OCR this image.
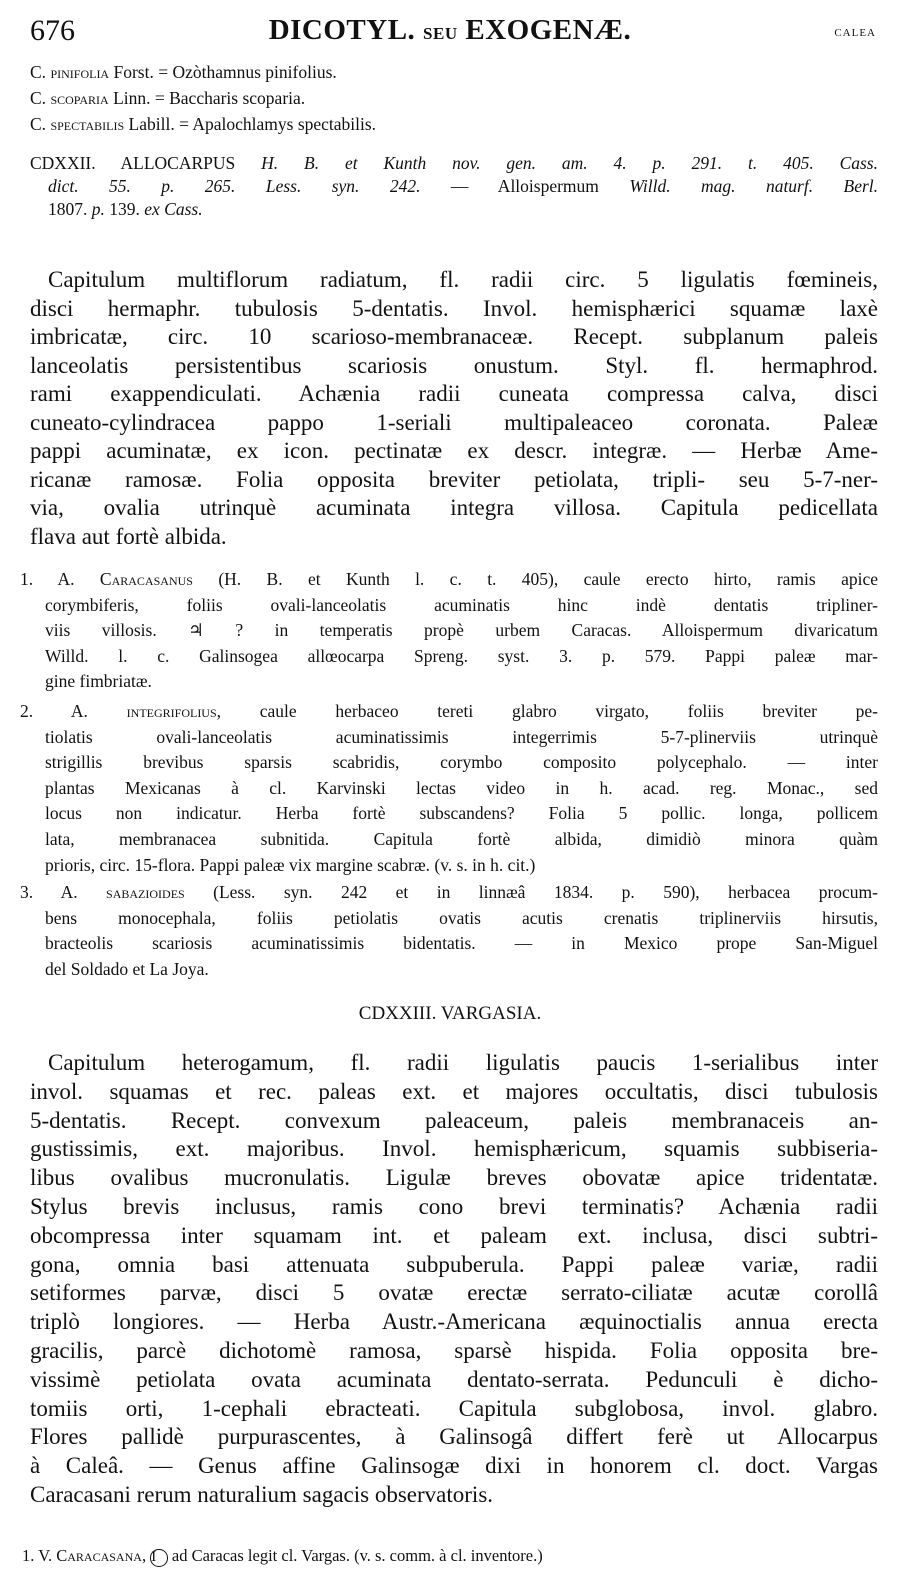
676	DICOTYL. seu EXOGENÆ.	CALEA
C. pinifolia Forst. = Ozòthamnus pinifolius.
C. scoparia Linn. = Baccharis scoparia.
C. spectabilis Labill. = Apalochlamys spectabilis.
CDXXII. ALLOCARPUS H. B. et Kunth nov. gen. am. 4. p. 291. t. 405. Cass.
dict. 55. p. 265. Less. syn. 242. — Alloispermum Willd. mag. naturf. Berl.
1807. p. 139. ex Cass.
Capitulum multiflorum radiatum, fl. radii circ. 5 ligulatis fœmineis,
disci hermaphr. tubulosis 5-dentatis. Invol. hemisphærici squamæ laxè
imbricatæ, circ. 10 scarioso-membranaceæ. Recept. subplanum paleis
lanceolatis persistentibus scariosis onustum. Styl. fl. hermaphrod.
rami exappendiculati. Achænia radii cuneata compressa calva, disci
cuneato-cylindracea pappo 1-seriali multipaleaceo coronata. Paleæ
pappi acuminatæ, ex icon. pectinatæ ex descr. integræ. — Herbæ Ame-
ricanæ ramosæ. Folia opposita breviter petiolata, tripli- seu 5-7-ner-
via, ovalia utrinquè acuminata integra villosa. Capitula pedicellata
flava aut fortè albida.
1. A. Caracasanus (H. B. et Kunth l. c. t. 405), caule erecto hirto, ramis apice
corymbiferis, foliis ovali-lanceolatis acuminatis hinc indè dentatis tripliner-
viis villosis. ♃ ? in temperatis propè urbem Caracas. Alloispermum divaricatum
Willd. l. c. Galinsogea allœocarpa Spreng. syst. 3. p. 579. Pappi paleæ mar-
gine fimbriatæ.
2. A. integrifolius, caule herbaceo tereti glabro virgato, foliis breviter pe-
tiolatis ovali-lanceolatis acuminatissimis integerrimis 5-7-plinerviis utrinquè
strigillis brevibus sparsis scabridis, corymbo composito polycephalo. — inter
plantas Mexicanas à cl. Karvinski lectas video in h. acad. reg. Monac., sed
locus non indicatur. Herba fortè subscandens? Folia 5 pollic. longa, pollicem
lata, membranacea subnitida. Capitula fortè albida, dimidiò minora quàm
prioris, circ. 15-flora. Pappi paleæ vix margine scabræ. (v. s. in h. cit.)
3. A. sabazioides (Less. syn. 242 et in linnæâ 1834. p. 590), herbacea procum-
bens monocephala, foliis petiolatis ovatis acutis crenatis triplinerviis hirsutis,
bracteolis scariosis acuminatissimis bidentatis. — in Mexico prope San-Miguel
del Soldado et La Joya.
CDXXIII. VARGASIA.
Capitulum heterogamum, fl. radii ligulatis paucis 1-serialibus inter
invol. squamas et rec. paleas ext. et majores occultatis, disci tubulosis
5-dentatis. Recept. convexum paleaceum, paleis membranaceis an-
gustissimis, ext. majoribus. Invol. hemisphæricum, squamis subbiseria-
libus ovalibus mucronulatis. Ligulæ breves obovatæ apice tridentatæ.
Stylus brevis inclusus, ramis cono brevi terminatis? Achænia radii
obcompressa inter squamam int. et paleam ext. inclusa, disci subtri-
gona, omnia basi attenuata subpuberula. Pappi paleæ variæ, radii
setiformes parvæ, disci 5 ovatæ erectæ serrato-ciliatæ acutæ corollâ
triplò longiores. — Herba Austr.-Americana æquinoctialis annua erecta
gracilis, parcè dichotomè ramosa, sparsè hispida. Folia opposita bre-
vissimè petiolata ovata acuminata dentato-serrata. Pedunculi è dicho-
tomiis orti, 1-cephali ebracteati. Capitula subglobosa, invol. glabro.
Flores pallidè purpurascentes, à Galinsogâ differt ferè ut Allocarpus
à Caleâ. — Genus affine Galinsogæ dixi in honorem cl. doct. Vargas
Caracasani rerum naturalium sagacis observatoris.
1. V. Caracasana, I ad Caracas legit cl. Vargas. (v. s. comm. à cl. inventore.)
